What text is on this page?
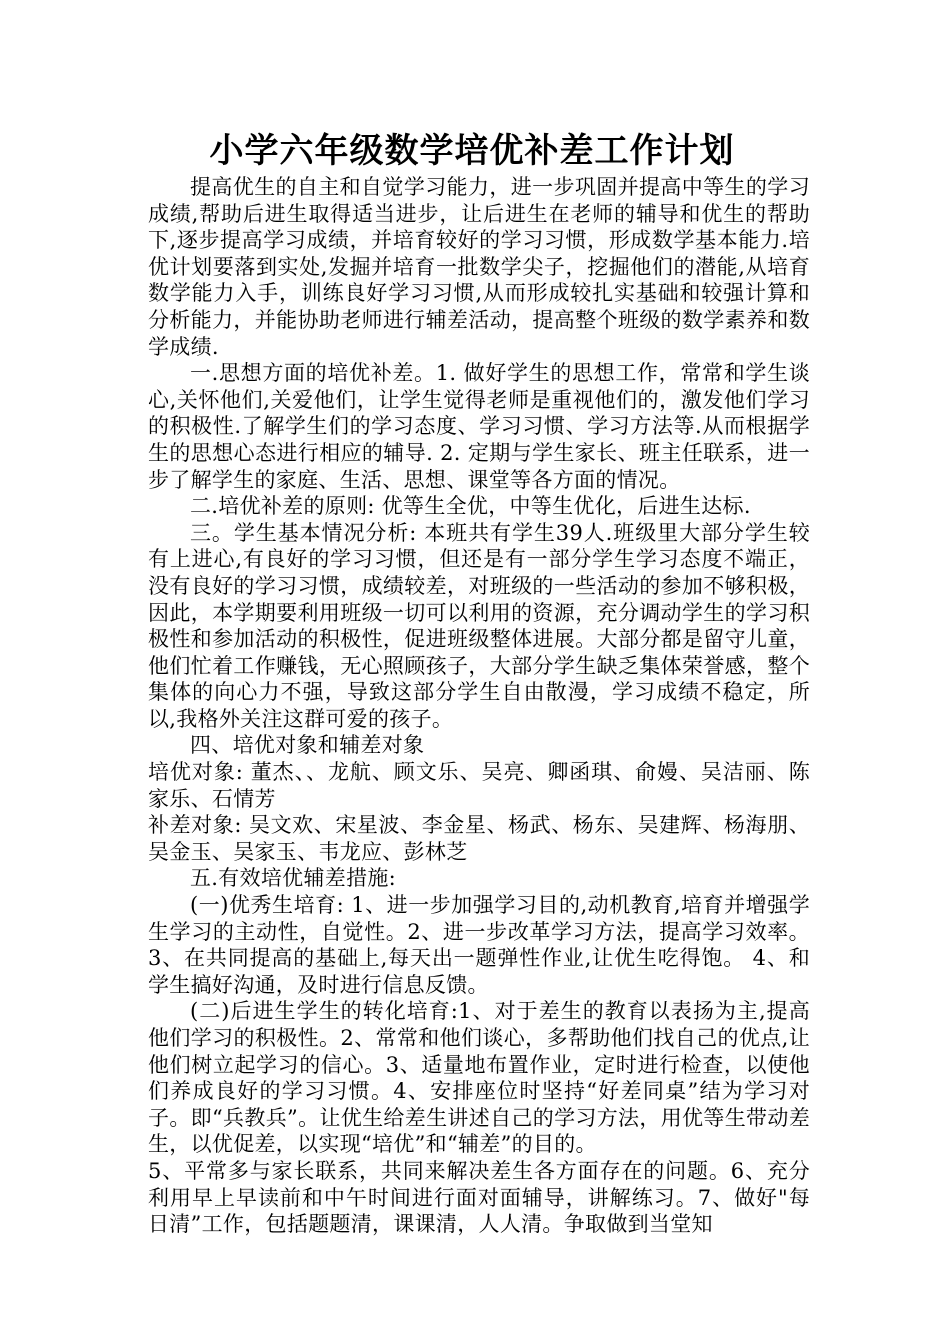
小学六年级数学培优补差工作计划

提高优生的自主和自觉学习能力，进一步巩固并提高中等生的学习成绩,帮助后进生取得适当进步，让后进生在老师的辅导和优生的帮助下,逐步提高学习成绩，并培育较好的学习习惯，形成数学基本能力.培优计划要落到实处,发掘并培育一批数学尖子，挖掘他们的潜能,从培育数学能力入手，训练良好学习习惯,从而形成较扎实基础和较强计算和分析能力，并能协助老师进行辅差活动，提高整个班级的数学素养和数学成绩.

一.思想方面的培优补差。1. 做好学生的思想工作，常常和学生谈心,关怀他们,关爱他们，让学生觉得老师是重视他们的，激发他们学习的积极性.了解学生们的学习态度、学习习惯、学习方法等.从而根据学生的思想心态进行相应的辅导. 2. 定期与学生家长、班主任联系，进一步了解学生的家庭、生活、思想、课堂等各方面的情况。

二.培优补差的原则: 优等生全优，中等生优化，后进生达标.

三。学生基本情况分析: 本班共有学生39人.班级里大部分学生较有上进心,有良好的学习习惯，但还是有一部分学生学习态度不端正，没有良好的学习习惯，成绩较差，对班级的一些活动的参加不够积极，因此，本学期要利用班级一切可以利用的资源，充分调动学生的学习积极性和参加活动的积极性，促进班级整体进展。大部分都是留守儿童，他们忙着工作赚钱，无心照顾孩子，大部分学生缺乏集体荣誉感，整个集体的向心力不强，导致这部分学生自由散漫，学习成绩不稳定，所以,我格外关注这群可爱的孩子。

四、培优对象和辅差对象

培优对象: 董杰、、龙航、顾文乐、吴亮、卿函琪、俞嫚、吴洁丽、陈家乐、石情芳

补差对象: 吴文欢、宋星波、李金星、杨武、杨东、吴建辉、杨海朋、吴金玉、吴家玉、韦龙应、彭林芝

五.有效培优辅差措施:

(一)优秀生培育: 1、进一步加强学习目的,动机教育,培育并增强学生学习的主动性，自觉性。2、进一步改革学习方法，提高学习效率。3、在共同提高的基础上,每天出一题弹性作业,让优生吃得饱。 4、和学生搞好沟通，及时进行信息反馈。

(二)后进生学生的转化培育:1、对于差生的教育以表扬为主,提高他们学习的积极性。2、常常和他们谈心，多帮助他们找自己的优点,让他们树立起学习的信心。3、适量地布置作业，定时进行检查，以使他们养成良好的学习习惯。4、安排座位时坚持“好差同桌”结为学习对子。即“兵教兵”。让优生给差生讲述自己的学习方法，用优等生带动差生，以优促差，以实现“培优”和“辅差”的目的。

5、平常多与家长联系，共同来解决差生各方面存在的问题。6、充分利用早上早读前和中午时间进行面对面辅导，讲解练习。7、做好"每日清”工作，包括题题清，课课清，人人清。争取做到当堂知
